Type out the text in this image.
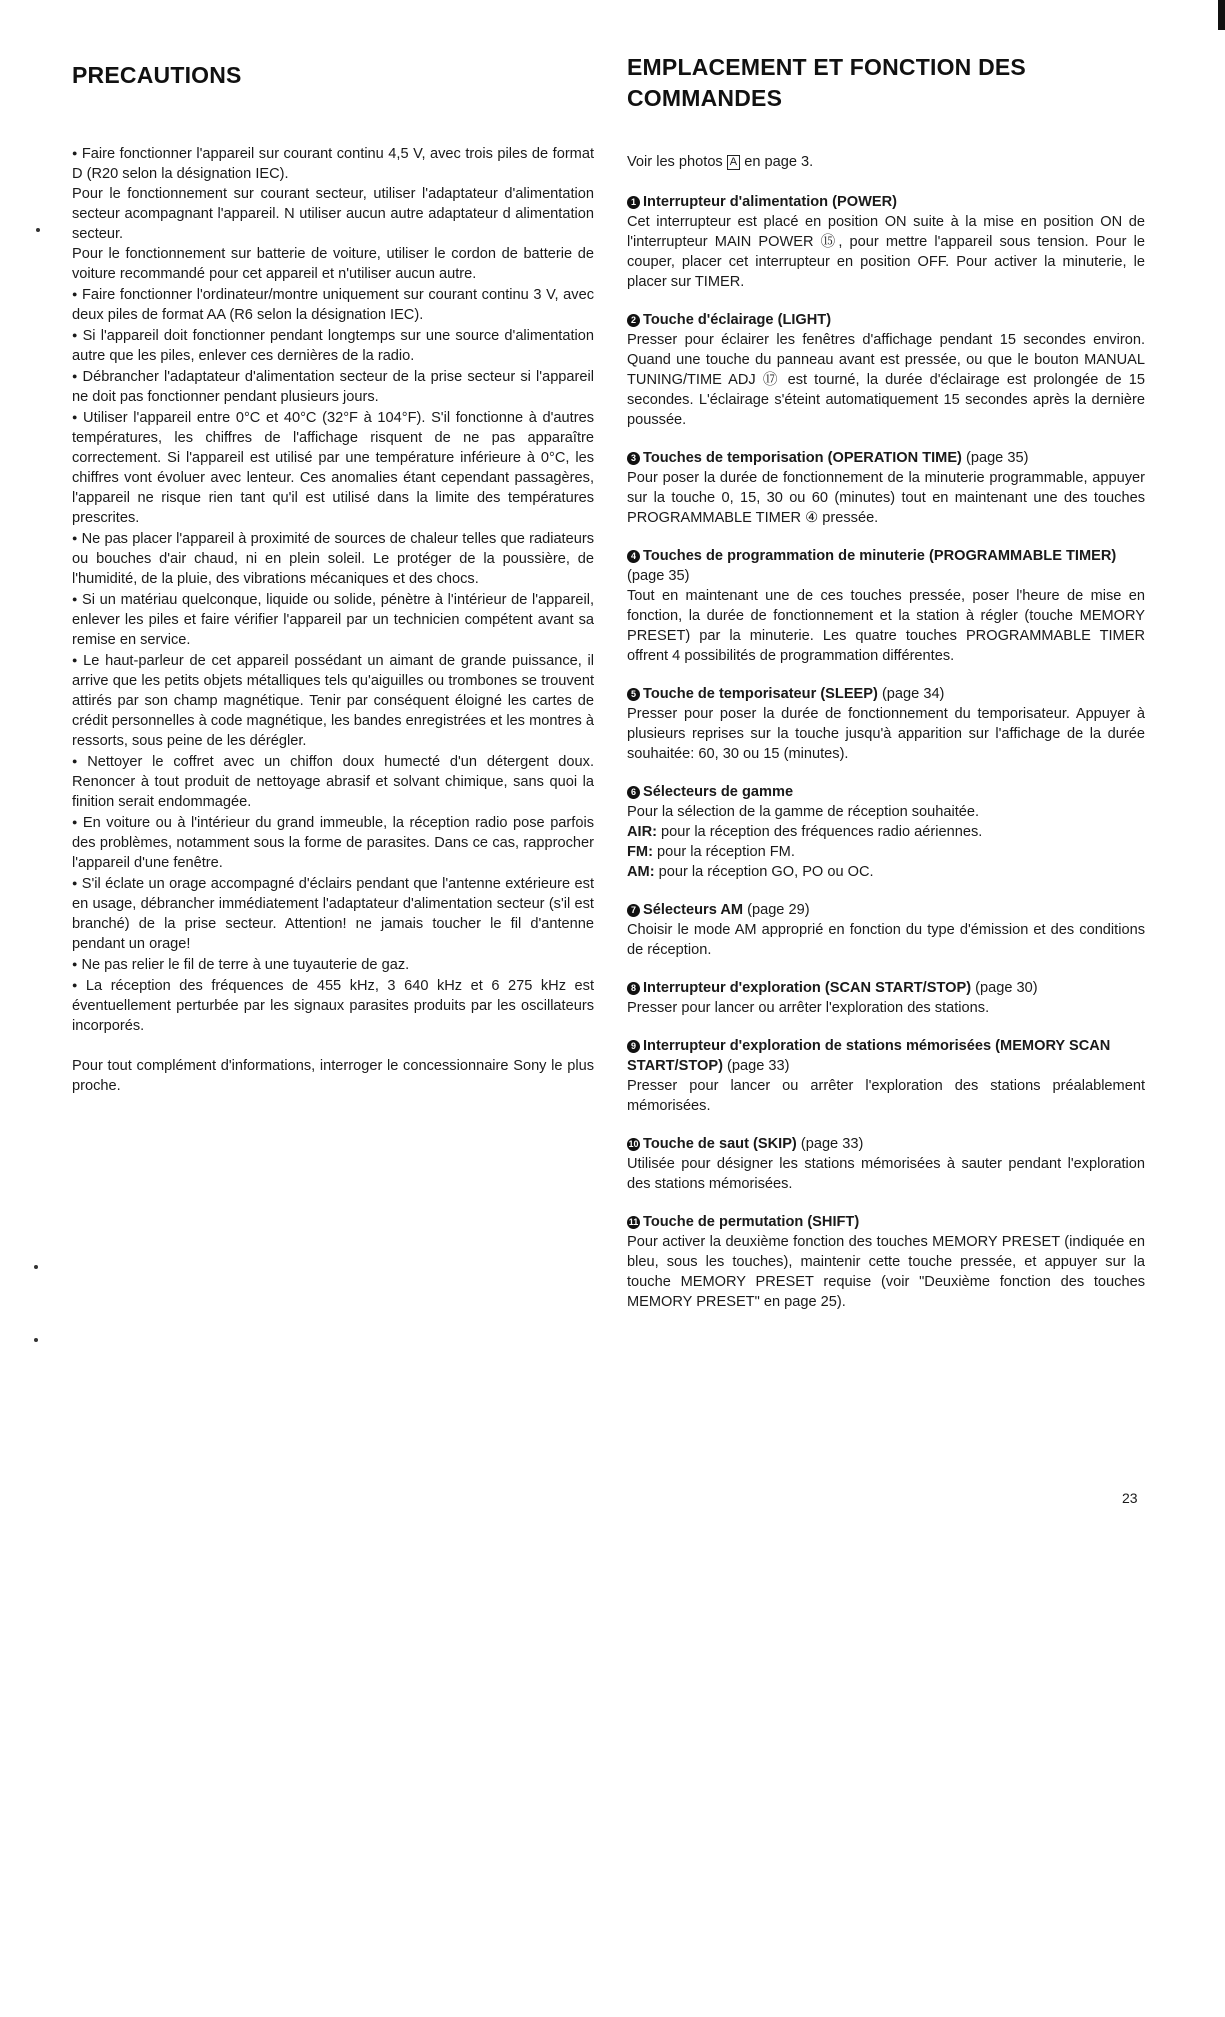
PRECAUTIONS

● Faire fonctionner l'appareil sur courant continu 4,5 V, avec trois piles de format D (R20 selon la désignation IEC).

Pour le fonctionnement sur courant secteur, utiliser l'adaptateur d'alimentation secteur acompagnant l'appareil. N utiliser aucun autre adaptateur d alimentation secteur.

Pour le fonctionnement sur batterie de voiture, utiliser le cordon de batterie de voiture recommandé pour cet appareil et n'utiliser aucun autre.

● Faire fonctionner l'ordinateur/montre uniquement sur courant continu 3 V, avec deux piles de format AA (R6 selon la désignation IEC).

● Si l'appareil doit fonctionner pendant longtemps sur une source d'alimentation autre que les piles, enlever ces dernières de la radio.

● Débrancher l'adaptateur d'alimentation secteur de la prise secteur si l'appareil ne doit pas fonctionner pendant plusieurs jours.

● Utiliser l'appareil entre 0°C et 40°C (32°F à 104°F). S'il fonctionne à d'autres températures, les chiffres de l'affichage risquent de ne pas apparaître correctement. Si l'appareil est utilisé par une température inférieure à 0°C, les chiffres vont évoluer avec lenteur. Ces anomalies étant cependant passagères, l'appareil ne risque rien tant qu'il est utilisé dans la limite des températures prescrites.

● Ne pas placer l'appareil à proximité de sources de chaleur telles que radiateurs ou bouches d'air chaud, ni en plein soleil. Le protéger de la poussière, de l'humidité, de la pluie, des vibrations mécaniques et des chocs.

● Si un matériau quelconque, liquide ou solide, pénètre à l'intérieur de l'appareil, enlever les piles et faire vérifier l'appareil par un technicien compétent avant sa remise en service.

● Le haut-parleur de cet appareil possédant un aimant de grande puissance, il arrive que les petits objets métalliques tels qu'aiguilles ou trombones se trouvent attirés par son champ magnétique. Tenir par conséquent éloigné les cartes de crédit personnelles à code magnétique, les bandes enregistrées et les montres à ressorts, sous peine de les dérégler.

● Nettoyer le coffret avec un chiffon doux humecté d'un détergent doux. Renoncer à tout produit de nettoyage abrasif et solvant chimique, sans quoi la finition serait endommagée.

● En voiture ou à l'intérieur du grand immeuble, la réception radio pose parfois des problèmes, notamment sous la forme de parasites. Dans ce cas, rapprocher l'appareil d'une fenêtre.

● S'il éclate un orage accompagné d'éclairs pendant que l'antenne extérieure est en usage, débrancher immédiatement l'adaptateur d'alimentation secteur (s'il est branché) de la prise secteur. Attention! ne jamais toucher le fil d'antenne pendant un orage!

● Ne pas relier le fil de terre à une tuyauterie de gaz.

● La réception des fréquences de 455 kHz, 3 640 kHz et 6 275 kHz est éventuellement perturbée par les signaux parasites produits par les oscillateurs incorporés.

Pour tout complément d'informations, interroger le concessionnaire Sony le plus proche.

EMPLACEMENT ET FONCTION DES COMMANDES

Voir les photos A en page 3.

1 Interrupteur d'alimentation (POWER)

Cet interrupteur est placé en position ON suite à la mise en position ON de l'interrupteur MAIN POWER ⑮, pour mettre l'appareil sous tension. Pour le couper, placer cet interrupteur en position OFF. Pour activer la minuterie, le placer sur TIMER.

2 Touche d'éclairage (LIGHT)

Presser pour éclairer les fenêtres d'affichage pendant 15 secondes environ. Quand une touche du panneau avant est pressée, ou que le bouton MANUAL TUNING/TIME ADJ ⑰ est tourné, la durée d'éclairage est prolongée de 15 secondes. L'éclairage s'éteint automatiquement 15 secondes après la dernière poussée.

3 Touches de temporisation (OPERATION TIME) (page 35)

Pour poser la durée de fonctionnement de la minuterie programmable, appuyer sur la touche 0, 15, 30 ou 60 (minutes) tout en maintenant une des touches PROGRAMMABLE TIMER ④ pressée.

4 Touches de programmation de minuterie (PROGRAMMABLE TIMER) (page 35)

Tout en maintenant une de ces touches pressée, poser l'heure de mise en fonction, la durée de fonctionnement et la station à régler (touche MEMORY PRESET) par la minuterie. Les quatre touches PROGRAMMABLE TIMER offrent 4 possibilités de programmation différentes.

5 Touche de temporisateur (SLEEP) (page 34)

Presser pour poser la durée de fonctionnement du temporisateur. Appuyer à plusieurs reprises sur la touche jusqu'à apparition sur l'affichage de la durée souhaitée: 60, 30 ou 15 (minutes).

6 Sélecteurs de gamme

Pour la sélection de la gamme de réception souhaitée.

AIR: pour la réception des fréquences radio aériennes.

FM: pour la réception FM.

AM: pour la réception GO, PO ou OC.

7 Sélecteurs AM (page 29)

Choisir le mode AM approprié en fonction du type d'émission et des conditions de réception.

8 Interrupteur d'exploration (SCAN START/STOP) (page 30)

Presser pour lancer ou arrêter l'exploration des stations.

9 Interrupteur d'exploration de stations mémorisées (MEMORY SCAN START/STOP) (page 33)

Presser pour lancer ou arrêter l'exploration des stations préalablement mémorisées.

10 Touche de saut (SKIP) (page 33)

Utilisée pour désigner les stations mémorisées à sauter pendant l'exploration des stations mémorisées.

11 Touche de permutation (SHIFT)

Pour activer la deuxième fonction des touches MEMORY PRESET (indiquée en bleu, sous les touches), maintenir cette touche pressée, et appuyer sur la touche MEMORY PRESET requise (voir "Deuxième fonction des touches MEMORY PRESET" en page 25).

23
